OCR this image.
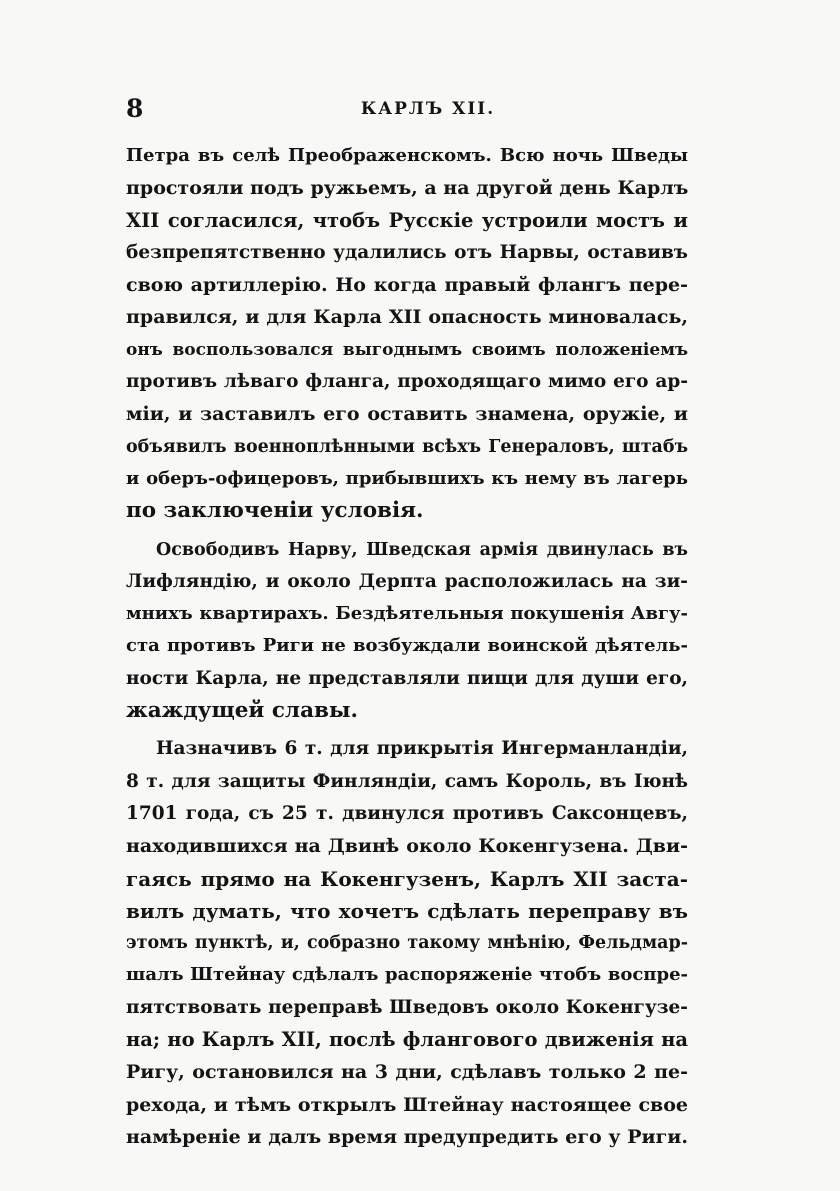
8	КАРЛЪ XII.
Петра въ селѣ Преображенскомъ. Всю ночь Шведы
простояли подъ ружьемъ, а на другой день Карлъ
XII согласился, чтобъ Русскіе устроили мостъ и
безпрепятственно удалились отъ Нарвы, оставивъ
свою артиллерію. Но когда правый флангъ пере-
правился, и для Карла XII опасность миновалась,
онъ воспользовался выгоднымъ своимъ положеніемъ
противъ лѣваго фланга, проходящаго мимо его ар-
міи, и заставилъ его оставить знамена, оружіе, и
объявилъ военноплѣнными всѣхъ Генераловъ, штабъ
и оберъ-офицеровъ, прибывшихъ къ нему въ лагерь
по заключеніи условія.
Освободивъ Нарву, Шведская армія двинулась въ
Лифляндію, и около Дерпта расположилась на зи-
мнихъ квартирахъ. Бездѣятельныя покушенія Авгу-
ста противъ Риги не возбуждали воинской дѣятель-
ности Карла, не представляли пищи для души его,
жаждущей славы.
Назначивъ 6 т. для прикрытія Ингерманландіи,
8 т. для защиты Финляндіи, самъ Король, въ Іюнѣ
1701 года, съ 25 т. двинулся противъ Саксонцевъ,
находившихся на Двинѣ около Кокенгузена. Дви-
гаясь прямо на Кокенгузенъ, Карлъ XII заста-
вилъ думать, что хочетъ сдѣлать переправу въ
этомъ пунктѣ, и, собразно такому мнѣнію, Фельдмар-
шалъ Штейнау сдѣлалъ распоряженіе чтобъ воспре-
пятствовать переправѣ Шведовъ около Кокенгузе-
на; но Карлъ XII, послѣ флангового движенія на
Ригу, остановился на 3 дни, сдѣлавъ только 2 пе-
рехода, и тѣмъ открылъ Штейнау настоящее свое
намѣреніе и далъ время предупредить его у Риги.
